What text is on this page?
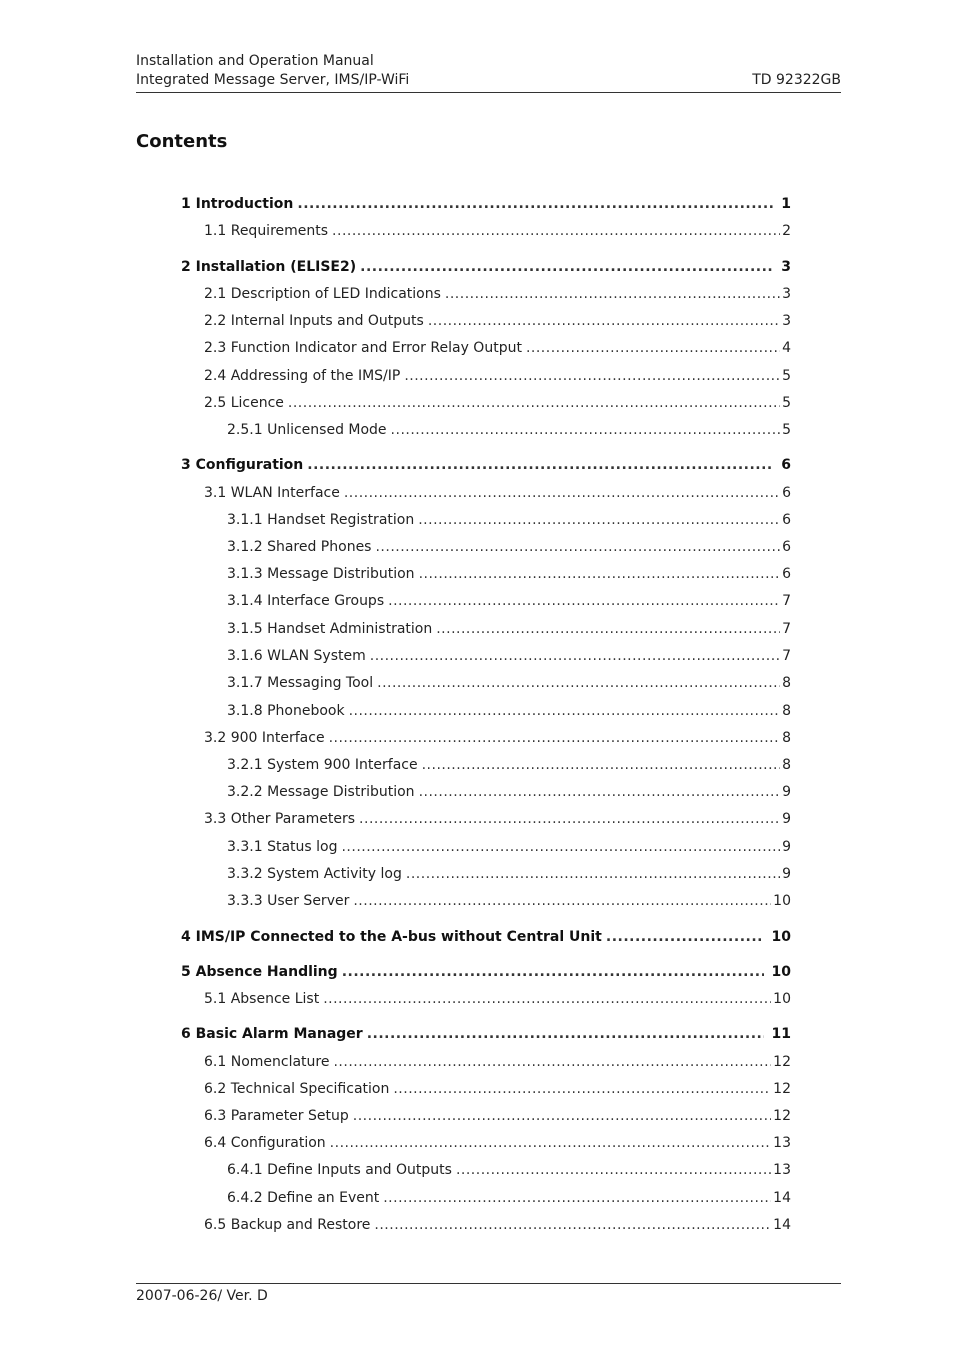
Installation and Operation Manual
Integrated Message Server, IMS/IP-WiFi	TD 92322GB
Contents
1 Introduction .....	1
1.1 Requirements .....	2
2 Installation (ELISE2) .....	3
2.1 Description of LED Indications .....	3
2.2 Internal Inputs and Outputs .....	3
2.3 Function Indicator and Error Relay Output .....	4
2.4 Addressing of the IMS/IP .....	5
2.5 Licence .....	5
2.5.1 Unlicensed Mode .....	5
3 Configuration .....	6
3.1 WLAN Interface .....	6
3.1.1 Handset Registration .....	6
3.1.2 Shared Phones .....	6
3.1.3 Message Distribution .....	6
3.1.4 Interface Groups .....	7
3.1.5 Handset Administration .....	7
3.1.6 WLAN System .....	7
3.1.7 Messaging Tool .....	8
3.1.8 Phonebook .....	8
3.2 900 Interface .....	8
3.2.1 System 900 Interface .....	8
3.2.2 Message Distribution .....	9
3.3 Other Parameters .....	9
3.3.1 Status log .....	9
3.3.2 System Activity log .....	9
3.3.3 User Server .....	10
4 IMS/IP Connected to the A-bus without Central Unit .....	10
5 Absence Handling .....	10
5.1 Absence List .....	10
6 Basic Alarm Manager .....	11
6.1 Nomenclature .....	12
6.2 Technical Specification .....	12
6.3 Parameter Setup .....	12
6.4 Configuration .....	13
6.4.1 Define Inputs and Outputs .....	13
6.4.2 Define an Event .....	14
6.5 Backup and Restore .....	14
2007-06-26/ Ver. D
